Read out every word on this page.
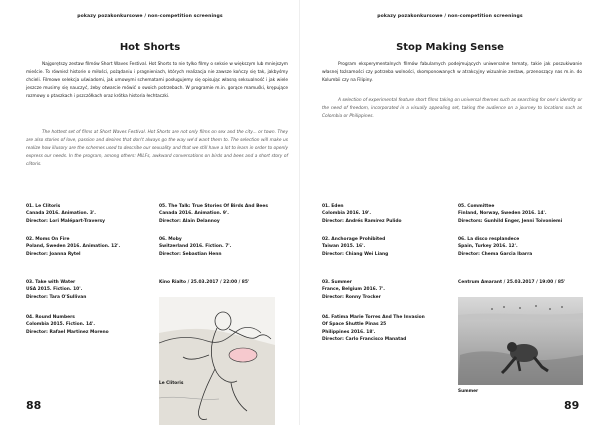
pokazy pozakonkursowe / non-competition screenings
Hot Shorts
Najgorętszy zestaw filmów Short Waves Festival. Hot Shorts to nie tylko filmy o seksie w większym lub mniejszym mieście. To również historie o miłości, pożądaniu i pragnieniach, których realizacja nie zawsze kończy się tak, jakbyśmy chcieli. Filmowe selekcja uświadomi, jak umowymi schematami posługujemy się opisując własną seksualność i jak wiele jeszcze musimy się nauczyć, żeby otwarcie mówić o swoich potrzebach. W programie m.in. gorące mamuśki, krępujące rozmowy o ptaszkach i pszczółkach oraz krótka historia łechtaczki.
The hottest set of films at Short Waves Festival. Hot Shorts are not only films on sex and the city... or town. They are also stories of love, passion and desires that don't always go the way we'd want them to. The selection will make us realize how illusory are the schemes used to describe our sexuality and that we still have a lot to learn in order to openly express our needs. In the program, among others: MILFs, awkward conversations on birds and bees and a short story of clitoris.
01. Le Clitoris
Canada 2016. Animation. 3'.
Director: Lori Malépart-Traversy
02. Moms On Fire
Poland, Sweden 2016. Animation. 12'.
Director: Joanna Rytel
03. Take with Water
USA 2015. Fiction. 10'.
Director: Tara O'Sullivan
04. Round Numbers
Colombia 2015. Fiction. 14'.
Director: Rafael Martinez Moreno
05. The Talk: True Stories Of Birds And Bees
Canada 2016. Animation. 9'.
Director: Alain Delannoy
06. Moby
Switzerland 2016. Fiction. 7'.
Director: Sebastian Henn
Kino Rialto / 25.03.2017 / 22:00 / 85'
Le Clitoris
88
pokazy pozakonkursowe / non-competition screenings
Stop Making Sense
Program eksperymentalnych filmów fabularnych podejmujących uniwersalne tematy, takie jak poszukiwanie własnej tożsamości czy potrzeba wolności, skomponowanych w atrakcyjny wizualnie zestaw, przenoszący nas m.in. do Kolumbii czy na Filipiny.
A selection of experimental feature short films taking on universal themes such as searching for one's identity or the need of freedom, incorporated in a visually appealing set, taking the audience on a journey to locations such as Colombia or Philippines.
01. Eden
Colombia 2016. 19'.
Director: Andrés Ramírez Pulido
02. Anchorage Prohibited
Taiwan 2015. 16'.
Director: Chiang Wei Liang
03. Summer
France, Belgium 2016. 7'.
Director: Ronny Trocker
04. Fatima Marie Torres And The Invasion
Of Space Shuttle Pinas 25
Philippines 2016. 18'.
Director: Carlo Francisco Manatad
05. Committee
Finland, Norway, Sweden 2016. 14'.
Directors: Gunhild Enger, Jenni Toivoniemi
06. La disco resplandece
Spain, Turkey 2016. 12'.
Director: Chema Garcia Ibarra
Centrum Amarant / 25.03.2017 / 19:00 / 85'
Summer
89
